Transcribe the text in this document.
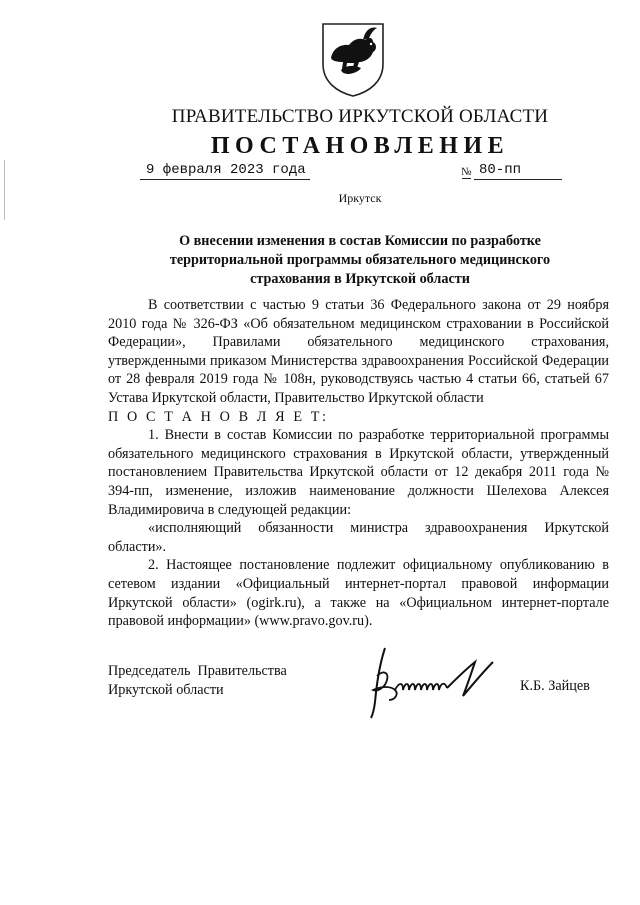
ПРАВИТЕЛЬСТВО ИРКУТСКОЙ ОБЛАСТИ
ПОСТАНОВЛЕНИЕ
9 февраля 2023 года	№ 80-пп
Иркутск
О внесении изменения в состав Комиссии по разработке
территориальной программы обязательного медицинского
страхования в Иркутской области

В соответствии с частью 9 статьи 36 Федерального закона от 29 ноября 2010 года № 326-ФЗ «Об обязательном медицинском страховании в Российской Федерации», Правилами обязательного медицинского страхования, утвержденными приказом Министерства здравоохранения Российской Федерации от 28 февраля 2019 года № 108н, руководствуясь частью 4 статьи 66, статьей 67 Устава Иркутской области, Правительство Иркутской области

П О С Т А Н О В Л Я Е Т:

1. Внести в состав Комиссии по разработке территориальной программы обязательного медицинского страхования в Иркутской области, утвержденный постановлением Правительства Иркутской области от 12 декабря 2011 года № 394-пп, изменение, изложив наименование должности Шелехова Алексея Владимировича в следующей редакции:

«исполняющий обязанности министра здравоохранения Иркутской области».

2. Настоящее постановление подлежит официальному опубликованию в сетевом издании «Официальный интернет-портал правовой информации Иркутской области» (ogirk.ru), а также на «Официальном интернет-портале правовой информации» (www.pravo.gov.ru).

Председатель  Правительства
Иркутской области	К.Б. Зайцев
